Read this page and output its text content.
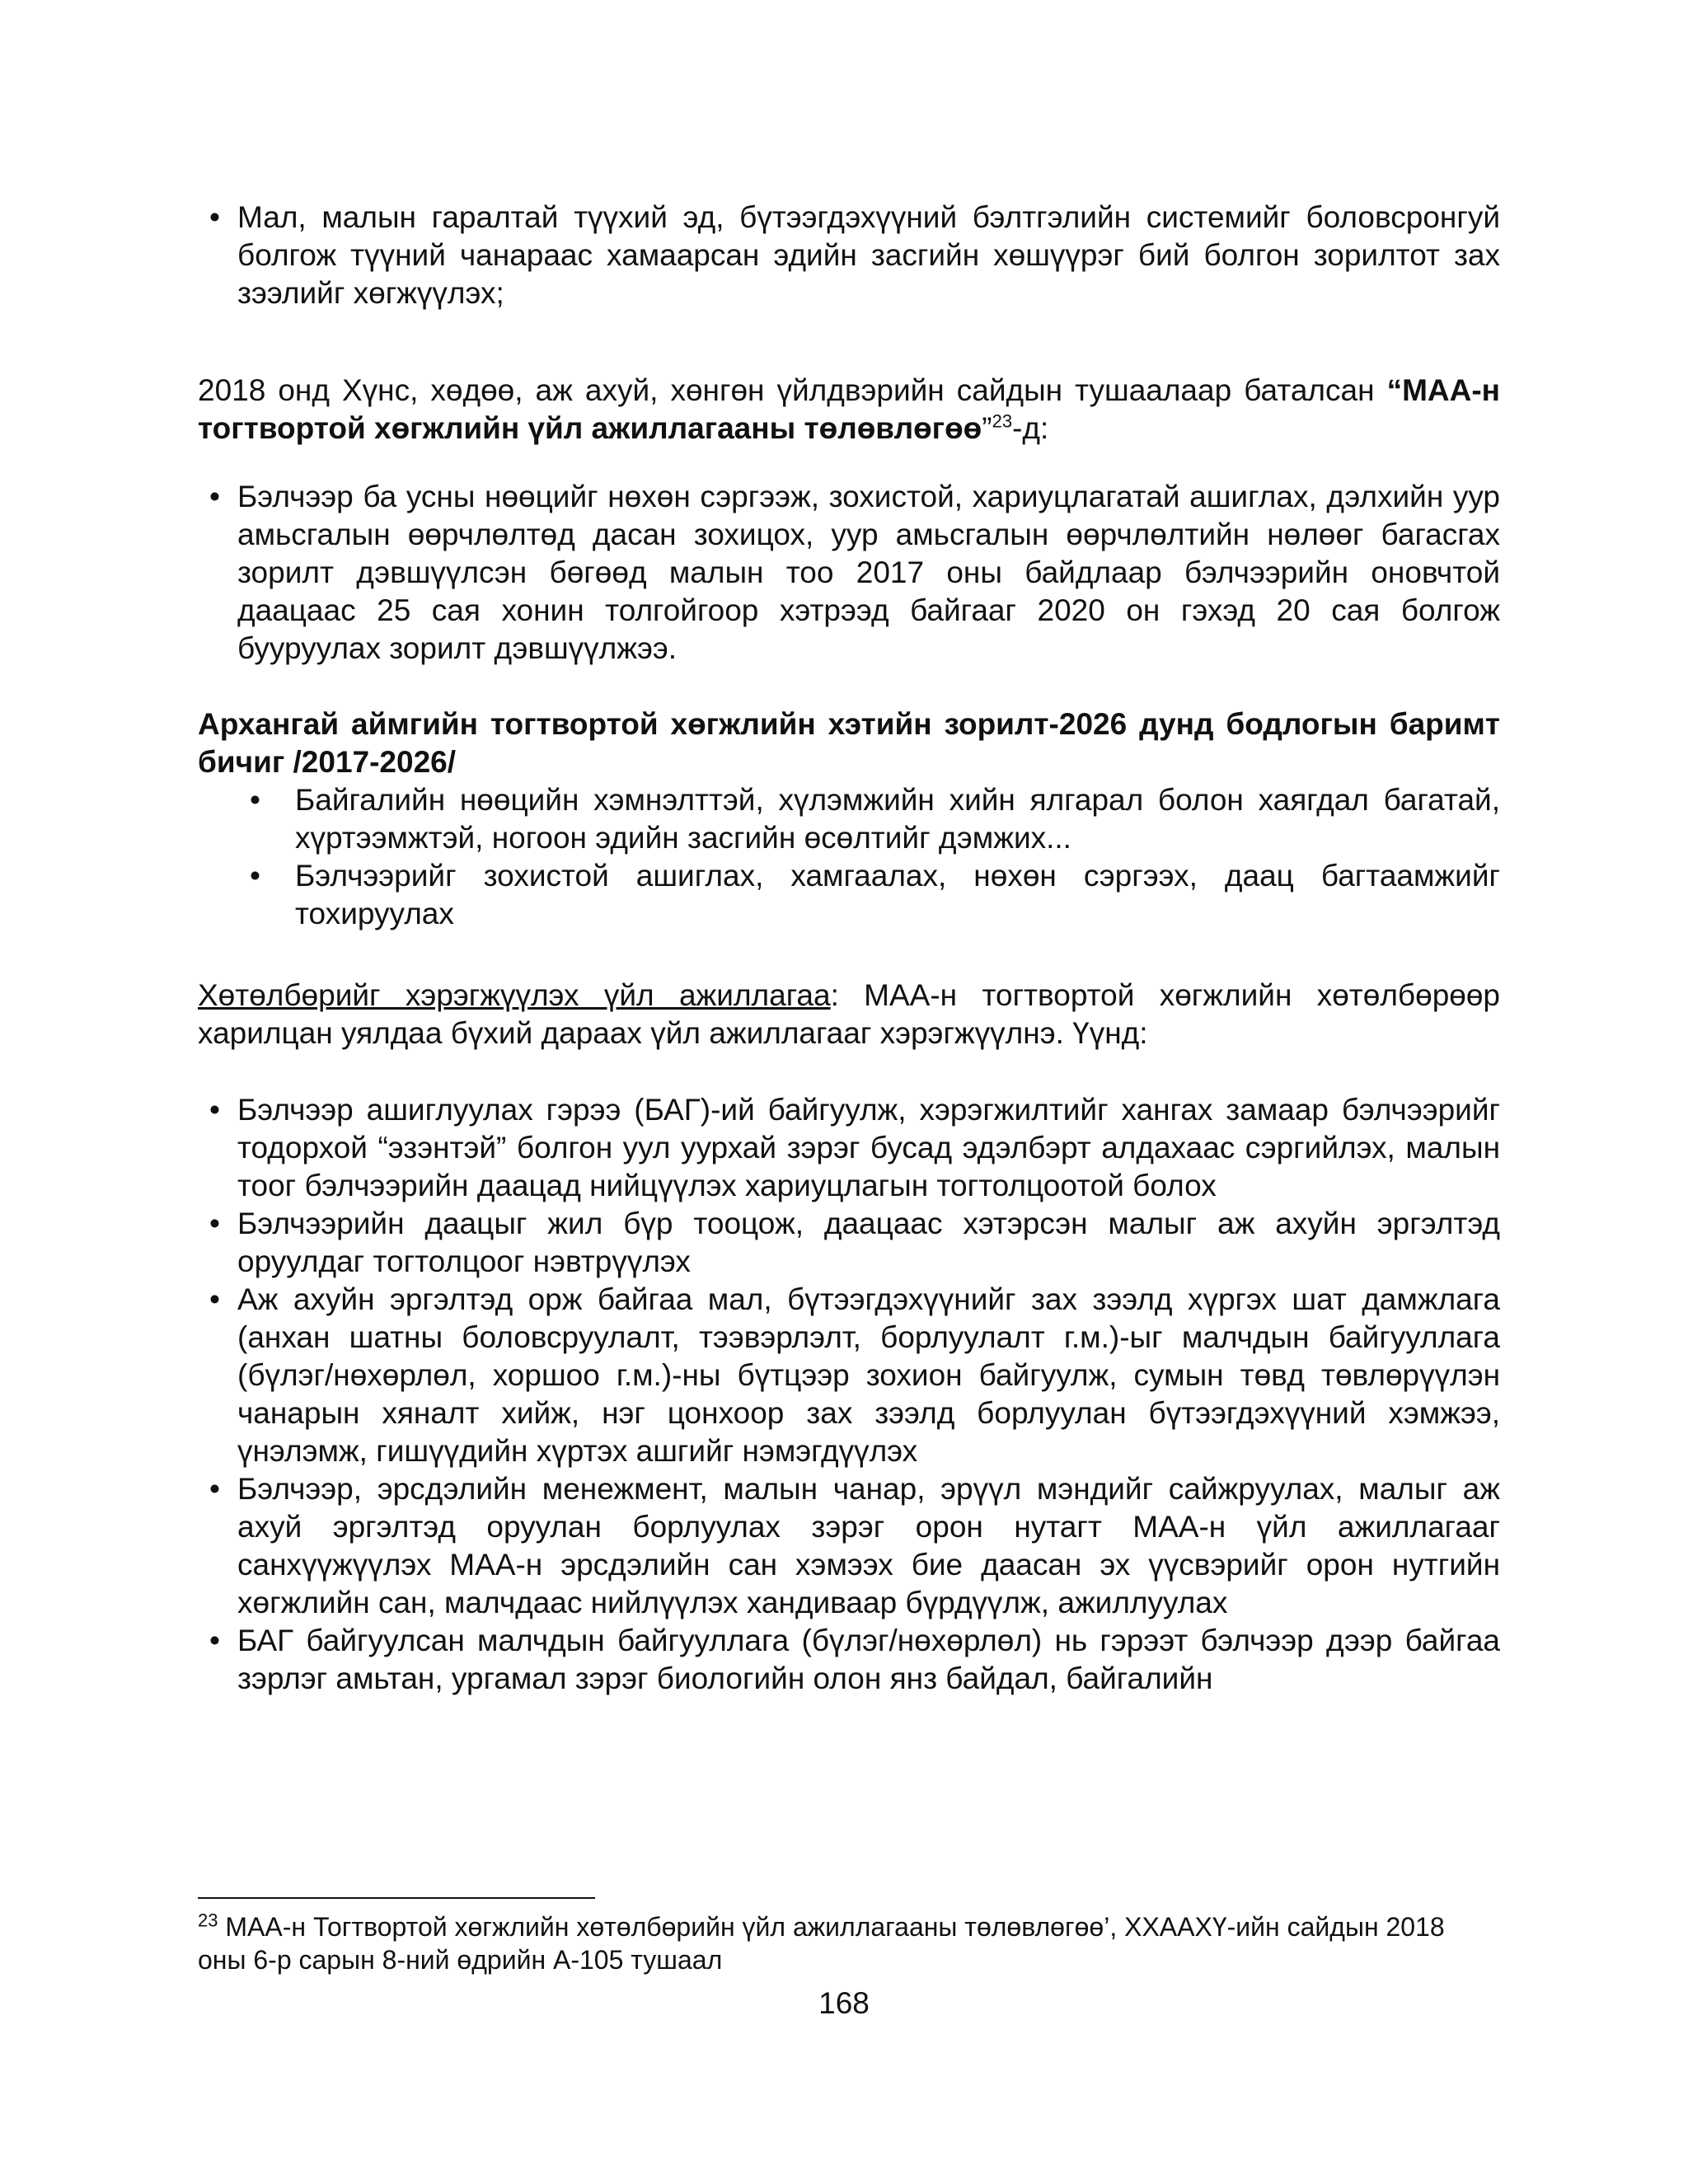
• Мал, малын гаралтай түүхий эд, бүтээгдэхүүний бэлтгэлийн системийг боловсронгуй болгож түүний чанараас хамаарсан эдийн засгийн хөшүүрэг бий болгон зорилтот зах зээлийг хөгжүүлэх;

2018 онд Хүнс, хөдөө, аж ахуй, хөнгөн үйлдвэрийн сайдын тушаалаар баталсан “МАА-н тогтвортой хөгжлийн үйл ажиллагааны төлөвлөгөө”$^{23}$-д:

• Бэлчээр ба усны нөөцийг нөхөн сэргээж, зохистой, хариуцлагатай ашиглах, дэлхийн уур амьсгалын өөрчлөлтөд дасан зохицох, уур амьсгалын өөрчлөлтийн нөлөөг багасгах зорилт дэвшүүлсэн бөгөөд малын тоо 2017 оны байдлаар бэлчээрийн оновчтой даацаас 25 сая хонин толгойгоор хэтрээд байгааг 2020 он гэхэд 20 сая болгож бууруулах зорилт дэвшүүлжээ.

Архангай аймгийн тогтвортой хөгжлийн хэтийн зорилт-2026 дунд бодлогын баримт бичиг /2017-2026/

• Байгалийн нөөцийн хэмнэлттэй, хүлэмжийн хийн ялгарал болон хаягдал багатай, хүртээмжтэй, ногоон эдийн засгийн өсөлтийг дэмжих...
• Бэлчээрийг зохистой ашиглах, хамгаалах, нөхөн сэргээх, даац багтаамжийг тохируулах

Хөтөлбөрийг хэрэгжүүлэх үйл ажиллагаа: МАА-н тогтвортой хөгжлийн хөтөлбөрөөр харилцан уялдаа бүхий дараах үйл ажиллагааг хэрэгжүүлнэ. Үүнд:

• Бэлчээр ашиглуулах гэрээ (БАГ)-ий байгуулж, хэрэгжилтийг хангах замаар бэлчээрийг тодорхой “эзэнтэй” болгон уул уурхай зэрэг бусад эдэлбэрт алдахаас сэргийлэх, малын тоог бэлчээрийн даацад нийцүүлэх хариуцлагын тогтолцоотой болох
• Бэлчээрийн даацыг жил бүр тооцож, даацаас хэтэрсэн малыг аж ахуйн эргэлтэд оруулдаг тогтолцоог нэвтрүүлэх
• Аж ахуйн эргэлтэд орж байгаа мал, бүтээгдэхүүнийг зах зээлд хүргэх шат дамжлага (анхан шатны боловсруулалт, тээвэрлэлт, борлуулалт г.м.)-ыг малчдын байгууллага (бүлэг/нөхөрлөл, хоршоо г.м.)-ны бүтцээр зохион байгуулж, сумын төвд төвлөрүүлэн чанарын хяналт хийж, нэг цонхоор зах зээлд борлуулан бүтээгдэхүүний хэмжээ, үнэлэмж, гишүүдийн хүртэх ашгийг нэмэгдүүлэх
• Бэлчээр, эрсдэлийн менежмент, малын чанар, эрүүл мэндийг сайжруулах, малыг аж ахуй эргэлтэд оруулан борлуулах зэрэг орон нутагт МАА-н үйл ажиллагааг санхүүжүүлэх МАА-н эрсдэлийн сан хэмээх бие даасан эх үүсвэрийг орон нутгийн хөгжлийн сан, малчдаас нийлүүлэх хандиваар бүрдүүлж, ажиллуулах
• БАГ байгуулсан малчдын байгууллага (бүлэг/нөхөрлөл) нь гэрээт бэлчээр дээр байгаа зэрлэг амьтан, ургамал зэрэг биологийн олон янз байдал, байгалийн

$^{23}$ МАА-н Тогтвортой хөгжлийн хөтөлбөрийн үйл ажиллагааны төлөвлөгөө’, ХХААХҮ-ийн сайдын 2018 оны 6-р сарын 8-ний өдрийн А-105 тушаал

168
